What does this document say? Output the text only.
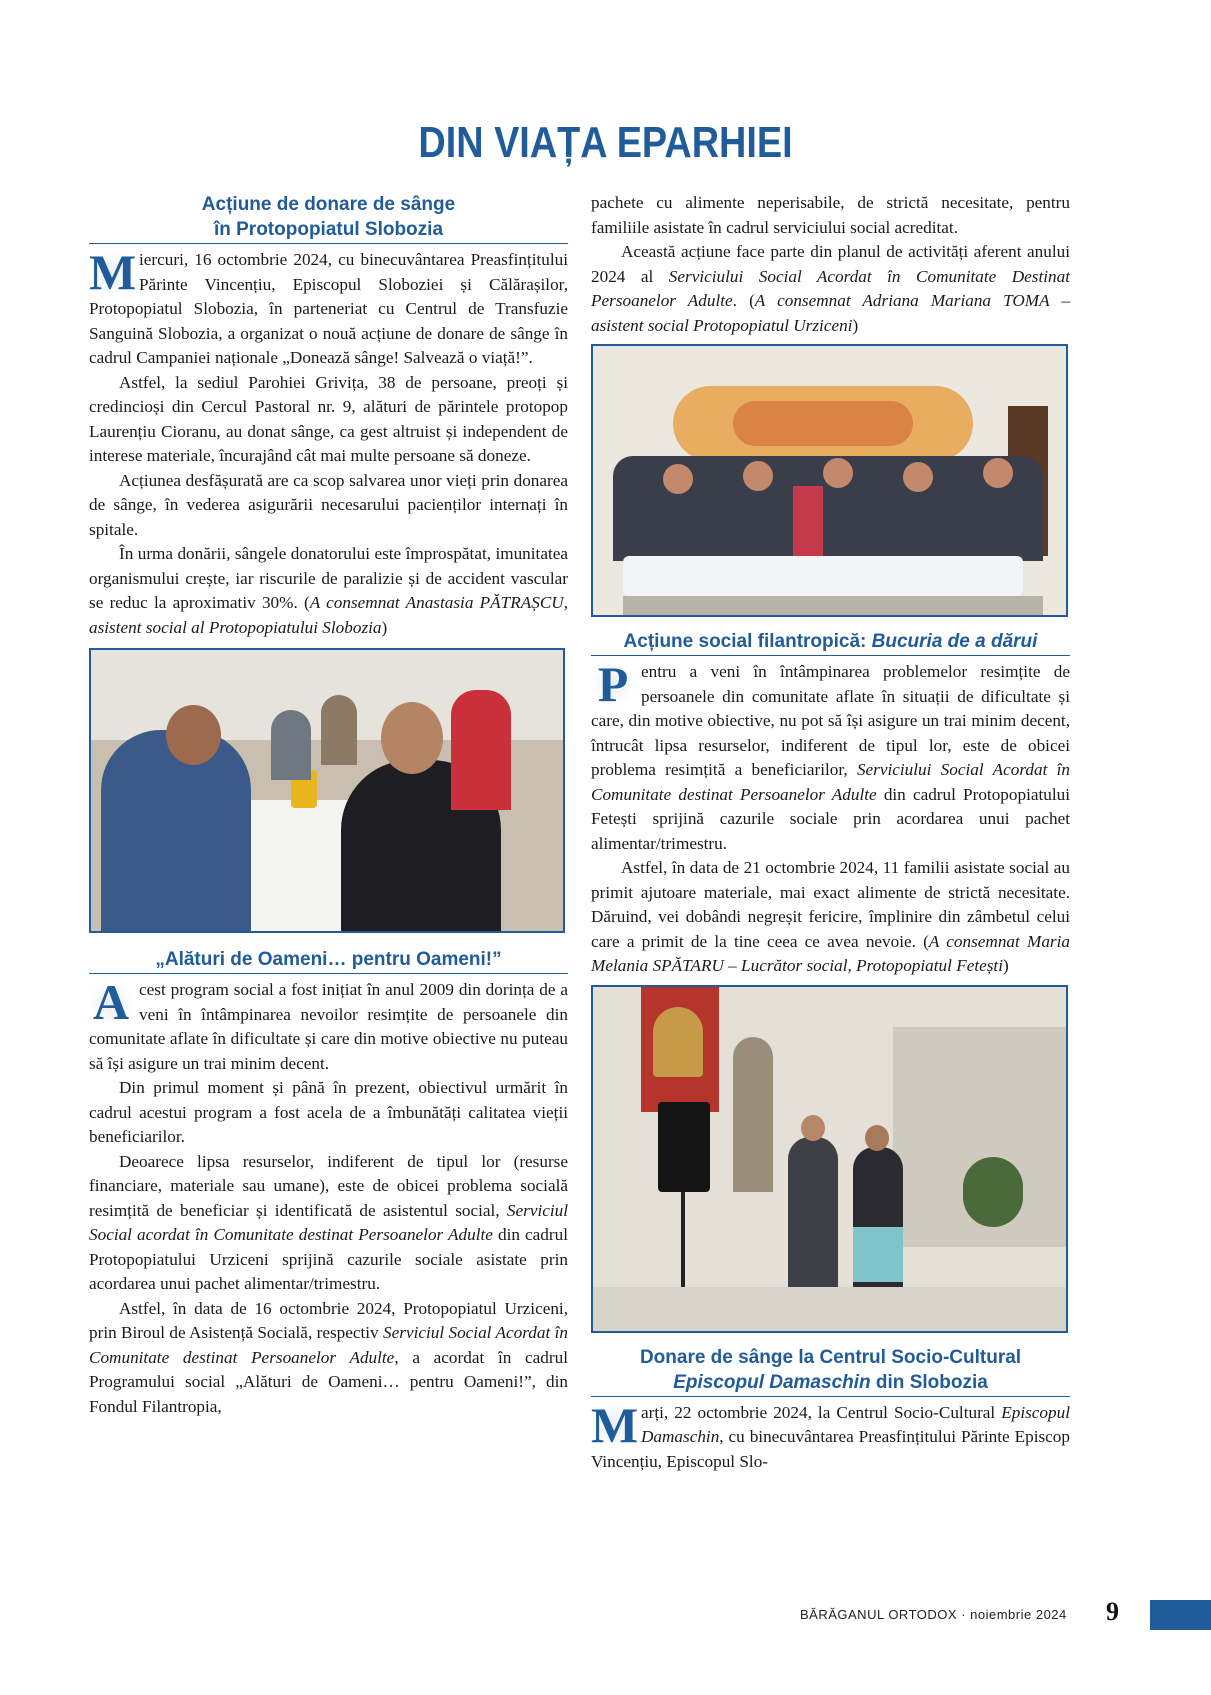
DIN VIAȚA EPARHIEI
Acțiune de donare de sânge
în Protopopiatul Slobozia

M iercuri, 16 octombrie 2024, cu binecuvântarea Preasfințitului Părinte Vincențiu, Episcopul Sloboziei și Călărașilor, Protopopiatul Slobozia, în parteneriat cu Centrul de Transfuzie Sanguină Slobozia, a organizat o nouă acțiune de donare de sânge în cadrul Campaniei naționale „Donează sânge! Salvează o viață!”.

Astfel, la sediul Parohiei Grivița, 38 de persoane, preoți și credincioși din Cercul Pastoral nr. 9, alături de părintele protopop Laurențiu Cioranu, au donat sânge, ca gest altruist și independent de interese materiale, încurajând cât mai multe persoane să doneze.

Acțiunea desfășurată are ca scop salvarea unor vieți prin donarea de sânge, în vederea asigurării necesarului pacienților internați în spitale.

În urma donării, sângele donatorului este împrospătat, imunitatea organismului crește, iar riscurile de paralizie și de accident vascular se reduc la aproximativ 30%. (A consemnat Anastasia PĂTRAȘCU, asistent social al Protopopiatului Slobozia)

„Alături de Oameni… pentru Oameni!”

A cest program social a fost inițiat în anul 2009 din dorința de a veni în întâmpinarea nevoilor resimțite de persoanele din comunitate aflate în dificultate și care din motive obiective nu puteau să își asigure un trai minim decent.

Din primul moment și până în prezent, obiectivul urmărit în cadrul acestui program a fost acela de a îmbunătăți calitatea vieții beneficiarilor.

Deoarece lipsa resurselor, indiferent de tipul lor (resurse financiare, materiale sau umane), este de obicei problema socială resimțită de beneficiar și identificată de asistentul social, Serviciul Social acordat în Comunitate destinat Persoanelor Adulte din cadrul Protopopiatului Urziceni sprijină cazurile sociale asistate prin acordarea unui pachet alimentar/trimestru.

Astfel, în data de 16 octombrie 2024, Protopopiatul Urziceni, prin Biroul de Asistență Socială, respectiv Serviciul Social Acordat în Comunitate destinat Persoanelor Adulte, a acordat în cadrul Programului social „Alături de Oameni… pentru Oameni!”, din Fondul Filantropia,

pachete cu alimente neperisabile, de strictă necesitate, pentru familiile asistate în cadrul serviciului social acreditat.

Această acțiune face parte din planul de activități aferent anului 2024 al Serviciului Social Acordat în Comunitate Destinat Persoanelor Adulte. (A consemnat Adriana Mariana TOMA – asistent social Protopopiatul Urziceni)

Acțiune social filantropică: Bucuria de a dărui

P entru a veni în întâmpinarea problemelor resimțite de persoanele din comunitate aflate în situații de dificultate și care, din motive obiective, nu pot să își asigure un trai minim decent, întrucât lipsa resurselor, indiferent de tipul lor, este de obicei problema resimțită a beneficiarilor, Serviciului Social Acordat în Comunitate destinat Persoanelor Adulte din cadrul Protopopiatului Fetești sprijină cazurile sociale prin acordarea unui pachet alimentar/trimestru.

Astfel, în data de 21 octombrie 2024, 11 familii asistate social au primit ajutoare materiale, mai exact alimente de strictă necesitate. Dăruind, vei dobândi negreșit fericire, împlinire din zâmbetul celui care a primit de la tine ceea ce avea nevoie. (A consemnat Maria Melania SPĂTARU – Lucrător social, Protopopiatul Fetești)

Donare de sânge la Centrul Socio-Cultural
Episcopul Damaschin din Slobozia

M arți, 22 octombrie 2024, la Centrul Socio-Cultural Episcopul Damaschin, cu binecuvântarea Preasfințitului Părinte Episcop Vincențiu, Episcopul Slo-

BĂRĂGANUL ORTODOX · noiembrie 2024 9
